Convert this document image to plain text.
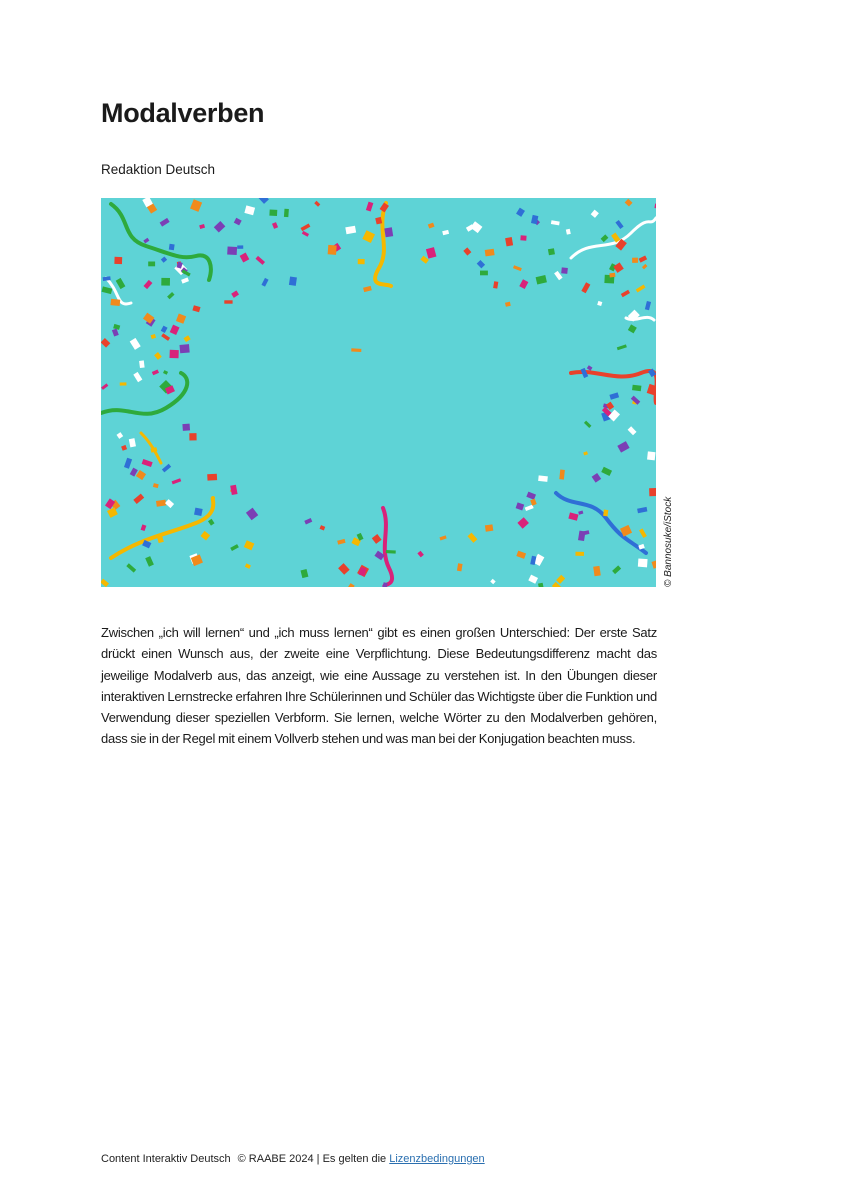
Modalverben
Redaktion Deutsch
© Bannosuke/iStock

Zwischen „ich will lernen“ und „ich muss lernen“ gibt es einen großen Unterschied: Der erste Satz drückt einen Wunsch aus, der zweite eine Verpflichtung. Diese Bedeutungsdifferenz macht das jeweilige Modalverb aus, das anzeigt, wie eine Aussage zu verstehen ist. In den Übungen dieser interaktiven Lernstrecke erfahren Ihre Schülerinnen und Schüler das Wichtigste über die Funktion und Verwendung dieser speziellen Verbform. Sie lernen, welche Wörter zu den Modalverben gehören, dass sie in der Regel mit einem Vollverb stehen und was man bei der Konjugation beachten muss.

Content Interaktiv Deutsch © RAABE 2024 | Es gelten die Lizenzbedingungen
